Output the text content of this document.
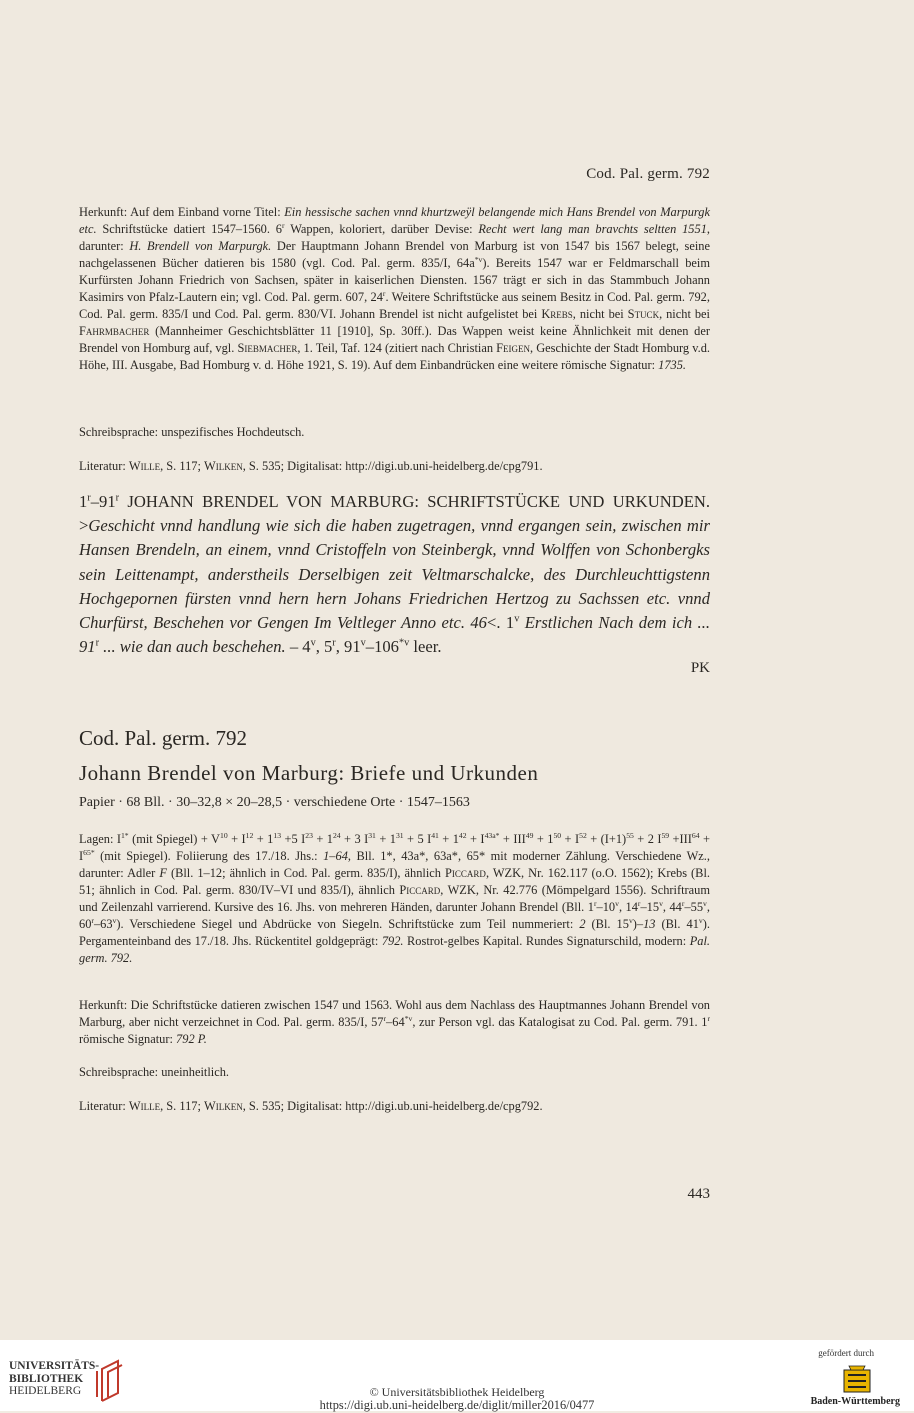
Cod. Pal. germ. 792
Herkunft: Auf dem Einband vorne Titel: Ein hessische sachen vnnd khurtzweÿl belangende mich Hans Brendel von Marpurgk etc. Schriftstücke datiert 1547–1560. 6$^r$ Wappen, koloriert, darüber Devise: Recht wert lang man bravchts seltten 1551, darunter: H. Brendell von Marpurgk. Der Hauptmann Johann Brendel von Marburg ist von 1547 bis 1567 belegt, seine nachgelassenen Bücher datieren bis 1580 (vgl. Cod. Pal. germ. 835/I, $64a^{*v}$). Bereits 1547 war er Feldmarschall beim Kurfürsten Johann Friedrich von Sachsen, später in kaiserlichen Diensten. 1567 trägt er sich in das Stammbuch Johann Kasimirs von Pfalz-Lautern ein; vgl. Cod. Pal. germ. 607, 24$^r$. Weitere Schriftstücke aus seinem Besitz in Cod. Pal. germ. 792, Cod. Pal. germ. 835/I und Cod. Pal. germ. 830/VI. Johann Brendel ist nicht aufgelistet bei Krebs, nicht bei Stuck, nicht bei Fahrmbacher (Mannheimer Geschichtsblätter 11 [1910], Sp. 30ff.). Das Wappen weist keine Ähnlichkeit mit denen der Brendel von Homburg auf, vgl. Siebmacher, 1. Teil, Taf. 124 (zitiert nach Christian Feigen, Geschichte der Stadt Homburg v.d. Höhe, III. Ausgabe, Bad Homburg v. d. Höhe 1921, S. 19). Auf dem Einbandrücken eine weitere römische Signatur: 1735.
Schreibsprache: unspezifisches Hochdeutsch.
Literatur: Wille, S. 117; Wilken, S. 535; Digitalisat: http://digi.ub.uni-heidelberg.de/cpg791.
1$^r$–91$^r$ JOHANN BRENDEL VON MARBURG: SCHRIFTSTÜCKE UND URKUNDEN. >Geschicht vnnd handlung wie sich die haben zugetragen, vnnd ergangen sein, zwischen mir Hansen Brendeln, an einem, vnnd Cristoffeln von Steinbergk, vnnd Wolffen von Schonbergks sein Leittenampt, anderstheils Derselbigen zeit Veltmarschalcke, des Durchleuchttigstenn Hochgepornen fürsten vnnd hern hern Johans Friedrichen Hertzog zu Sachssen etc. vnnd Churfürst, Beschehen vor Gengen Im Veltleger Anno etc. 46<. 1$^v$ Erstlichen Nach dem ich ... 91$^r$ ... wie dan auch beschehen. – 4$^v$, 5$^r$, 91$^v$–106$^{*v}$ leer.
PK
Cod. Pal. germ. 792
Johann Brendel von Marburg: Briefe und Urkunden
Papier · 68 Bll. · 30–32,8 × 20–28,5 · verschiedene Orte · 1547–1563
Lagen: $I^{1*}$ (mit Spiegel) + $V^{10} + I^{12} + 1^{13} +5$ $I^{23} + 1^{24} + 3$ $I^{31} + 1^{31} + 5$ $I^{41} + 1^{42} + I^{43a*} + III^{49} + 1^{50} + I^{52} + (I+1)^{55} + 2$ $I^{59} +III^{64} + I^{65*}$ (mit Spiegel). Foliierung des 17./18. Jhs.: 1–64, Bll. 1*, 43a*, 63a*, 65* mit moderner Zählung. Verschiedene Wz., darunter: Adler F (Bll. 1–12; ähnlich in Cod. Pal. germ. 835/I), ähnlich Piccard, WZK, Nr. 162.117 (o.O. 1562); Krebs (Bl. 51; ähnlich in Cod. Pal. germ. 830/IV–VI und 835/I), ähnlich Piccard, WZK, Nr. 42.776 (Mömpelgard 1556). Schriftraum und Zeilenzahl varrierend. Kursive des 16. Jhs. von mehreren Händen, darunter Johann Brendel (Bll. 1$^r$–10$^v$, 14$^r$–15$^v$, 44$^r$–55$^v$, 60$^r$–63$^v$). Verschiedene Siegel und Abdrücke von Siegeln. Schriftstücke zum Teil nummeriert: 2 (Bl. 15$^v$)–13 (Bl. 41$^v$). Pergamenteinband des 17./18. Jhs. Rückentitel goldgeprägt: 792. Rostrot-gelbes Kapital. Rundes Signaturschild, modern: Pal. germ. 792.
Herkunft: Die Schriftstücke datieren zwischen 1547 und 1563. Wohl aus dem Nachlass des Hauptmannes Johann Brendel von Marburg, aber nicht verzeichnet in Cod. Pal. germ. 835/I, 57$^r$–64$^{*v}$, zur Person vgl. das Katalogisat zu Cod. Pal. germ. 791. 1$^r$ römische Signatur: 792 P.
Schreibsprache: uneinheitlich.
Literatur: Wille, S. 117; Wilken, S. 535; Digitalisat: http://digi.ub.uni-heidelberg.de/cpg792.
443
UNIVERSITÄTS-
BIBLIOTHEK
HEIDELBERG	© Universitätsbibliothek Heidelberg
https://digi.ub.uni-heidelberg.de/diglit/miller2016/0477
gefördert durch
Baden-Württemberg
